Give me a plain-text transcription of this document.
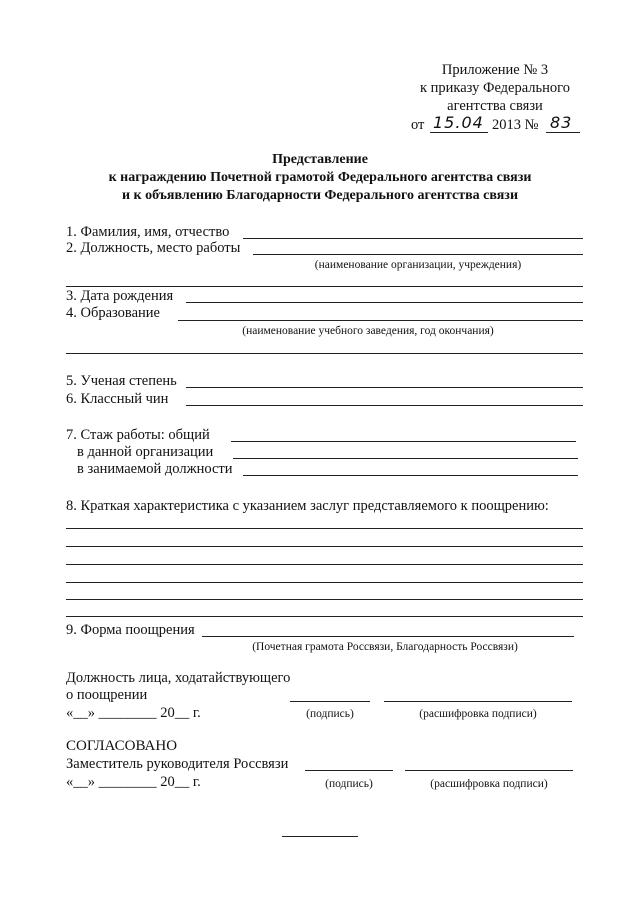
Приложение № 3
к приказу Федерального
агентства связи
от 15.04 2013 № 83
Представление
к награждению Почетной грамотой Федерального агентства связи
и к объявлению Благодарности Федерального агентства связи
1. Фамилия, имя, отчество
2. Должность, место работы
(наименование организации, учреждения)
3. Дата рождения
4. Образование
(наименование учебного заведения, год окончания)
5. Ученая степень
6. Классный чин
7. Стаж работы: общий
в данной организации
в занимаемой должности
8. Краткая характеристика с указанием заслуг представляемого к поощрению:
9. Форма поощрения
(Почетная грамота Россвязи, Благодарность Россвязи)
Должность лица, ходатайствующего
о поощрении
«__» ________ 20__ г.	(подпись)	(расшифровка подписи)
СОГЛАСОВАНО
Заместитель руководителя Россвязи
«__» ________ 20__ г.	(подпись)	(расшифровка подписи)
